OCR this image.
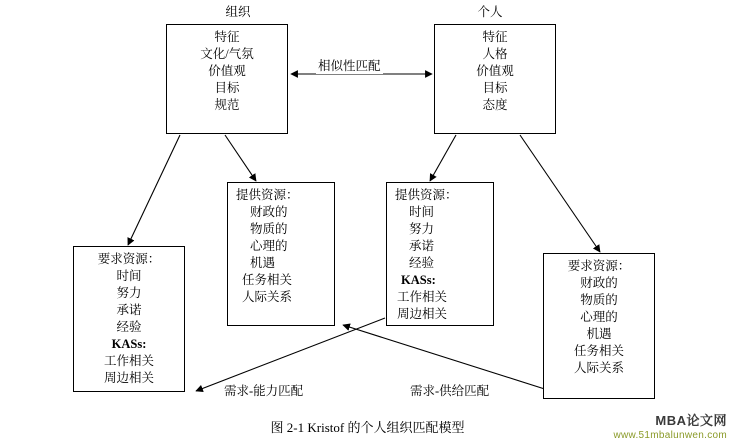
组织	个人
特征
文化/气氛
价值观
目标
规范
特征
人格
价值观
目标
态度
相似性匹配
提供资源：
财政的
物质的
心理的
机遇
任务相关
人际关系
提供资源：
时间
努力
承诺
经验
KASs:
工作相关
周边相关
要求资源：
时间
努力
承诺
经验
KASs:
工作相关
周边相关
要求资源：
财政的
物质的
心理的
机遇
任务相关
人际关系
需求-能力匹配	需求-供给匹配
图 2-1 Kristof 的个人组织匹配模型	MBA论文网
www.51mbalunwen.com
